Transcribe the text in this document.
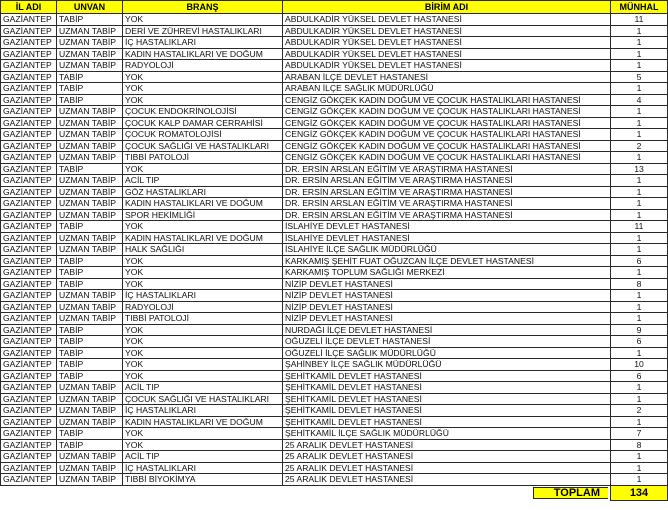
İL ADI	UNVAN	BRANŞ	BİRİM ADI	MÜNHAL
GAZİANTEP	TABİP	YOK	ABDULKADİR YÜKSEL DEVLET HASTANESİ	11
GAZİANTEP	UZMAN TABİP	DERİ VE ZÜHREVİ HASTALIKLARI	ABDULKADİR YÜKSEL DEVLET HASTANESİ	1
GAZİANTEP	UZMAN TABİP	İÇ HASTALIKLARI	ABDULKADİR YÜKSEL DEVLET HASTANESİ	1
GAZİANTEP	UZMAN TABİP	KADIN HASTALIKLARI VE DOĞUM	ABDULKADİR YÜKSEL DEVLET HASTANESİ	1
GAZİANTEP	UZMAN TABİP	RADYOLOJİ	ABDULKADİR YÜKSEL DEVLET HASTANESİ	1
GAZİANTEP	TABİP	YOK	ARABAN İLÇE DEVLET HASTANESİ	5
GAZİANTEP	TABİP	YOK	ARABAN İLÇE SAĞLIK MÜDÜRLÜĞÜ	1
GAZİANTEP	TABİP	YOK	CENGİZ GÖKÇEK KADIN DOĞUM VE ÇOCUK HASTALIKLARI HASTANESİ	4
GAZİANTEP	UZMAN TABİP	ÇOCUK ENDOKRİNOLOJİSİ	CENGİZ GÖKÇEK KADIN DOĞUM VE ÇOCUK HASTALIKLARI HASTANESİ	1
GAZİANTEP	UZMAN TABİP	ÇOCUK KALP DAMAR CERRAHİSİ	CENGİZ GÖKÇEK KADIN DOĞUM VE ÇOCUK HASTALIKLARI HASTANESİ	1
GAZİANTEP	UZMAN TABİP	ÇOCUK ROMATOLOJİSİ	CENGİZ GÖKÇEK KADIN DOĞUM VE ÇOCUK HASTALIKLARI HASTANESİ	1
GAZİANTEP	UZMAN TABİP	ÇOCUK SAĞLIĞI VE HASTALIKLARI	CENGİZ GÖKÇEK KADIN DOĞUM VE ÇOCUK HASTALIKLARI HASTANESİ	2
GAZİANTEP	UZMAN TABİP	TIBBİ PATOLOJİ	CENGİZ GÖKÇEK KADIN DOĞUM VE ÇOCUK HASTALIKLARI HASTANESİ	1
GAZİANTEP	TABİP	YOK	DR. ERSİN ARSLAN EĞİTİM VE ARAŞTIRMA HASTANESİ	13
GAZİANTEP	UZMAN TABİP	ACİL TIP	DR. ERSİN ARSLAN EĞİTİM VE ARAŞTIRMA HASTANESİ	1
GAZİANTEP	UZMAN TABİP	GÖZ HASTALIKLARI	DR. ERSİN ARSLAN EĞİTİM VE ARAŞTIRMA HASTANESİ	1
GAZİANTEP	UZMAN TABİP	KADIN HASTALIKLARI VE DOĞUM	DR. ERSİN ARSLAN EĞİTİM VE ARAŞTIRMA HASTANESİ	1
GAZİANTEP	UZMAN TABİP	SPOR HEKİMLİĞİ	DR. ERSİN ARSLAN EĞİTİM VE ARAŞTIRMA HASTANESİ	1
GAZİANTEP	TABİP	YOK	İSLAHİYE DEVLET HASTANESİ	11
GAZİANTEP	UZMAN TABİP	KADIN HASTALIKLARI VE DOĞUM	İSLAHİYE DEVLET HASTANESİ	1
GAZİANTEP	UZMAN TABİP	HALK SAĞLIĞI	İSLAHİYE İLÇE SAĞLIK MÜDÜRLÜĞÜ	1
GAZİANTEP	TABİP	YOK	KARKAMIŞ ŞEHİT FUAT OĞUZCAN İLÇE DEVLET HASTANESİ	6
GAZİANTEP	TABİP	YOK	KARKAMIŞ TOPLUM SAĞLIĞI MERKEZİ	1
GAZİANTEP	TABİP	YOK	NİZİP DEVLET HASTANESİ	8
GAZİANTEP	UZMAN TABİP	İÇ HASTALIKLARI	NİZİP DEVLET HASTANESİ	1
GAZİANTEP	UZMAN TABİP	RADYOLOJİ	NİZİP DEVLET HASTANESİ	1
GAZİANTEP	UZMAN TABİP	TIBBİ PATOLOJİ	NİZİP DEVLET HASTANESİ	1
GAZİANTEP	TABİP	YOK	NURDAĞI İLÇE DEVLET HASTANESİ	9
GAZİANTEP	TABİP	YOK	OĞUZELİ İLÇE DEVLET HASTANESİ	6
GAZİANTEP	TABİP	YOK	OĞUZELİ İLÇE SAĞLIK MÜDÜRLÜĞÜ	1
GAZİANTEP	TABİP	YOK	ŞAHİNBEY İLÇE SAĞLIK MÜDÜRLÜĞÜ	10
GAZİANTEP	TABİP	YOK	ŞEHİTKAMİL DEVLET HASTANESİ	6
GAZİANTEP	UZMAN TABİP	ACİL TIP	ŞEHİTKAMİL DEVLET HASTANESİ	1
GAZİANTEP	UZMAN TABİP	ÇOCUK SAĞLIĞI VE HASTALIKLARI	ŞEHİTKAMİL DEVLET HASTANESİ	1
GAZİANTEP	UZMAN TABİP	İÇ HASTALIKLARI	ŞEHİTKAMİL DEVLET HASTANESİ	2
GAZİANTEP	UZMAN TABİP	KADIN HASTALIKLARI VE DOĞUM	ŞEHİTKAMİL DEVLET HASTANESİ	1
GAZİANTEP	TABİP	YOK	ŞEHİTKAMİL İLÇE SAĞLIK MÜDÜRLÜĞÜ	7
GAZİANTEP	TABİP	YOK	25 ARALIK DEVLET HASTANESİ	8
GAZİANTEP	UZMAN TABİP	ACİL TIP	25 ARALIK DEVLET HASTANESİ	1
GAZİANTEP	UZMAN TABİP	İÇ HASTALIKLARI	25 ARALIK DEVLET HASTANESİ	1
GAZİANTEP	UZMAN TABİP	TIBBİ BİYOKİMYA	25 ARALIK DEVLET HASTANESİ	1
			TOPLAM	134
